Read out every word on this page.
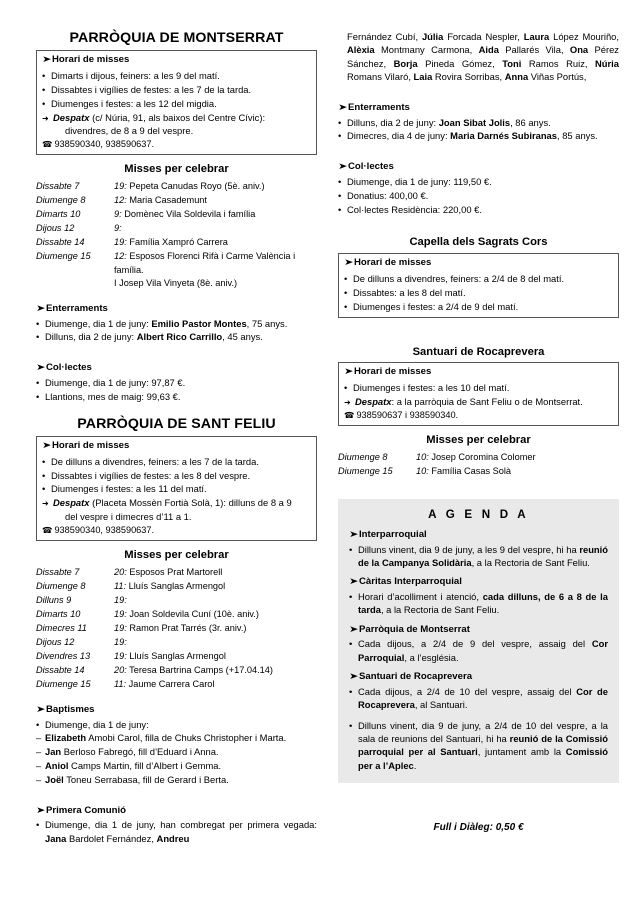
PARRÒQUIA DE MONTSERRAT
➤Horari de misses
• Dimarts i dijous, feiners: a les 9 del matí.
• Dissabtes i vigílies de festes: a les 7 de la tarda.
• Diumenges i festes: a les 12 del migdia.
➜ Despatx (c/ Núria, 91, als baixos del Centre Cívic):
divendres, de 8 a 9 del vespre.
☎ 938590340, 938590637.
Misses per celebrar
Dissabte 7	19: Pepeta Canudas Royo (5è. aniv.)
Diumenge 8	12: Maria Casademunt
Dimarts 10	9: Domènec Vila Soldevila i família
Dijous 12	9:
Dissabte 14	19: Família Xampró Carrera
Diumenge 15	12: Esposos Florenci Rifà i Carme València i família.
I Josep Vila Vinyeta (8è. aniv.)
➤Enterraments
• Diumenge, dia 1 de juny: Emilio Pastor Montes, 75 anys.
• Dilluns, dia 2 de juny: Albert Rico Carrillo, 45 anys.
➤Col·lectes
• Diumenge, dia 1 de juny: 97,87 €.
• Llantions, mes de maig: 99,63 €.
PARRÒQUIA DE SANT FELIU
➤Horari de misses
• De dilluns a divendres, feiners: a les 7 de la tarda.
• Dissabtes i vigílies de festes: a les 8 del vespre.
• Diumenges i festes: a les 11 del matí.
➜ Despatx (Placeta Mossèn Fortià Solà, 1): dilluns de 8 a 9
del vespre i dimecres d’11 a 1.
☎ 938590340, 938590637.
Misses per celebrar
Dissabte 7	20: Esposos Prat Martorell
Diumenge 8	11: Lluís Sanglas Armengol
Dilluns 9	19:
Dimarts 10	19: Joan Soldevila Cuní (10è. aniv.)
Dimecres 11	19: Ramon Prat Tarrés (3r. aniv.)
Dijous 12	19:
Divendres 13	19: Lluís Sanglas Armengol
Dissabte 14	20: Teresa Bartrina Camps (+17.04.14)
Diumenge 15	11: Jaume Carrera Carol
➤Baptismes
• Diumenge, dia 1 de juny:
– Elizabeth Amobi Carol, filla de Chuks Christopher i Marta.
– Jan Berloso Fabregó, fill d’Eduard i Anna.
– Aniol Camps Martin, fill d’Albert i Gemma.
– Joël Toneu Serrabasa, fill de Gerard i Berta.
➤Primera Comunió
• Diumenge, dia 1 de juny, han combregat per primera vegada: Jana Bardolet Fernández, Andreu
Fernández Cubí, Júlia Forcada Nespler, Laura López Mouriño, Alèxia Montmany Carmona, Aida Pallarés Vila, Ona Pérez Sánchez, Borja Pineda Gómez, Toni Ramos Ruiz, Núria Romans Vilaró, Laia Rovira Sorribas, Anna Viñas Portús,
➤Enterraments
• Dilluns, dia 2 de juny: Joan Sibat Jolis, 86 anys.
• Dimecres, dia 4 de juny: Maria Darnés Subiranas, 85 anys.
➤Col·lectes
• Diumenge, dia 1 de juny: 119,50 €.
• Donatius: 400,00 €.
• Col·lectes Residència: 220,00 €.
Capella dels Sagrats Cors
➤Horari de misses
• De dilluns a divendres, feiners: a 2/4 de 8 del matí.
• Dissabtes: a les 8 del matí.
• Diumenges i festes: a 2/4 de 9 del matí.
Santuari de Rocaprevera
➤Horari de misses
• Diumenges i festes: a les 10 del matí.
➜ Despatx: a la parròquia de Sant Feliu o de Montserrat.
☎ 938590637 i 938590340.
Misses per celebrar
Diumenge 8	10: Josep Coromina Colomer
Diumenge 15	10: Família Casas Solà
A G E N D A
➤Interparroquial
• Dilluns vinent, dia 9 de juny, a les 9 del vespre, hi ha reunió de la Campanya Solidària, a la Rectoria de Sant Feliu.
➤Càritas Interparroquial
• Horari d’acolliment i atenció, cada dilluns, de 6 a 8 de la tarda, a la Rectoria de Sant Feliu.
➤Parròquia de Montserrat
• Cada dijous, a 2/4 de 9 del vespre, assaig del Cor Parroquial, a l’església.
➤Santuari de Rocaprevera
• Cada dijous, a 2/4 de 10 del vespre, assaig del Cor de Rocaprevera, al Santuari.
• Dilluns vinent, dia 9 de juny, a 2/4 de 10 del vespre, a la sala de reunions del Santuari, hi ha reunió de la Comissió parroquial per al Santuari, juntament amb la Comissió per a l’Aplec.
Full i Diàleg: 0,50 €
